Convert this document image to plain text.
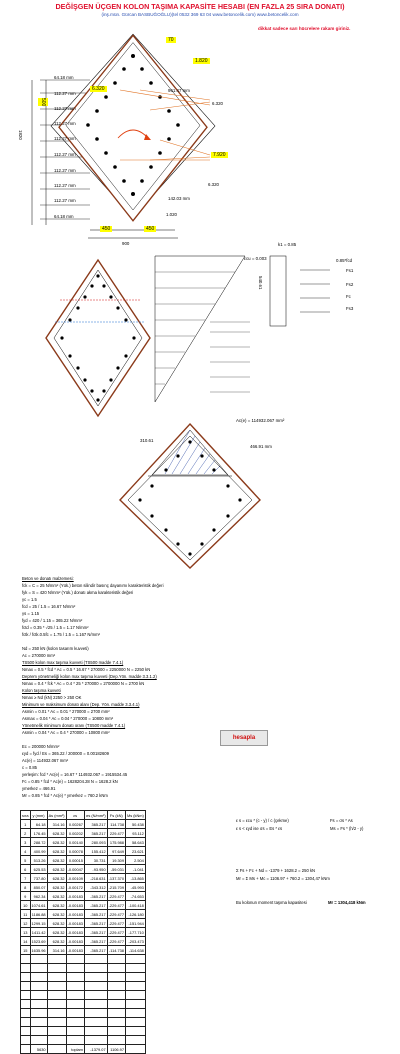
DEĞİŞGEN ÜÇGEN KOLON TAŞIMA KAPASİTE HESABI (EN FAZLA 25 SIRA DONATI)
(inş.mün. Gürcan BASBUĞOĞLU)(tel 0532 369 63 04 www.betoncelik.com) www.betoncelik.com
dikkat sadece sarı hücrelere rakam giriniz.
70
1.820
6.320
7.920
500
1820
450	450
900
64.18 mm
112.27 mm
112.27 mm
112.27 mm
112.27 mm
112.27 mm
112.27 mm
112.27 mm
112.27 mm
64.18 mm
961.47 mm
6.320
6.320
142.03 mm
1.020
εcu = 0.003
k1 = 0.85
0.85*fcd
Fs1
Fs2
Fc
Fs3
540.61
Ac(e) = 114932.067 mm²
310.61
466.91 mm
Beton ve donatı malzemesi:
fck = C = 25 N/mm² (Yük.) beton silindir basınç dayanımı karakteristik değeri
fyk = S = 420 N/mm² (Yük.) donatı akma karakteristik değeri
γc = 1.5
fcd = 25 / 1.5 = 16.67 N/mm²
γs = 1.15
fyd = 420 / 1.15 = 365.22 N/mm²
fctd = 0.35 * √25 / 1.5 = 1.17 N/mm²
fctk / fctk.0.5fc = 1.75 / 1.5 = 1.167 N/mm²
Nd = 250 kN (kolon tasarım kuvveti)
Ac = 270000 mm²
TS500 kolon max taşıma kuvveti (TS500 madde 7.4.1)
Nmax = 0.5 * fcd * Ac = 0.5 * 16.67 * 270000 = 2250000 N = 2250 kN
Deprem yönetmeliği kolon max taşıma kuvveti (Dep.Yön. madde 3.3.1.2)
Nmax = 0.4 * fck * Ac = 0.4 * 25 * 270000 = 2700000 N = 2700 kN
Kolon taşıma kuvveti
Nmax ≥ Nd (kN) 2250 > 250 OK
Minimum ve maksimum donatı alanı (Dep. Yön. madde 3.3.4.1)
Asmin = 0.01 * Ac = 0.01 * 270000 = 2700 mm²
Asmax = 0.04 * Ac = 0.04 * 270000 = 10800 mm²
Yönetmelik minimum donatı oranı (TS500 madde 7.4.1)
Asmin = 0.04 * Ac = 0.4 * 270000 = 10800 mm²
Ec = 200000 N/mm²
εyd = fyd / Es = 365.22 / 200000 = 0.00182609
Ac(e) = 114932.067 mm²
c = 0.85
yerleşim: fcd * Ac(e) = 16.67 * 114932.067 = 1915534.45
Fc = 0.85 * fcd * Ac(e) = 1628204.28 N = 1628.2 kN
ymerkez = 466.91
Mr = 0.85 * fcd * Ac(e) * ymerkez = 760.2 kNm
hesapla
sıra	y (mm)	As (mm²)	εs	σs (N/mm²)	Fs (kN)	Ms (kNm)
1	64.18	314.16	0.00267	365.217	114.738	50.438
2	176.45	628.32	0.00202	365.217	229.477	93.112
3	288.72	628.32	0.00140	280.093	175.988	58.643
4	400.99	628.32	0.00078	155.412	97.649	23.621
5	513.26	628.32	0.00015	30.731	19.309	2.504
6	625.53	628.32	-0.00047	-93.950	-59.031	-1.041
7	737.80	628.32	-0.00109	-218.631	-137.370	-13.865
8	850.07	628.32	-0.00172	-343.312	-215.709	-45.993
9	962.34	628.32	-0.00183	-365.217	-229.477	-74.653
10	1074.61	628.32	-0.00183	-365.217	-229.477	-100.418
11	1186.88	628.32	-0.00183	-365.217	-229.477	-126.180
12	1299.15	628.32	-0.00183	-365.217	-229.477	-151.944
13	1411.42	628.32	-0.00183	-365.217	-229.477	-177.710
14	1523.69	628.32	-0.00183	-365.217	-229.477	-203.473
15	1635.96	314.16	-0.00183	-365.217	-114.738	-114.638

	5630		toplam	-1379.07	1106.97	
ε s = εcu * (c - y) / c (çekme)
ε s < εyd ise σs = Es * εs
Fs = σs * As
Ms = Fs * (h/2 - y)
Σ Fs + Fc + Nd = -1379 + 1628.2 = 250 kN
Mr = Σ Ms + Mc = 1106.97 + 760.2 = 1304,47 kNm
Bu kolonun moment taşıma kapasitesi	Mr = 1304,418 kNm
